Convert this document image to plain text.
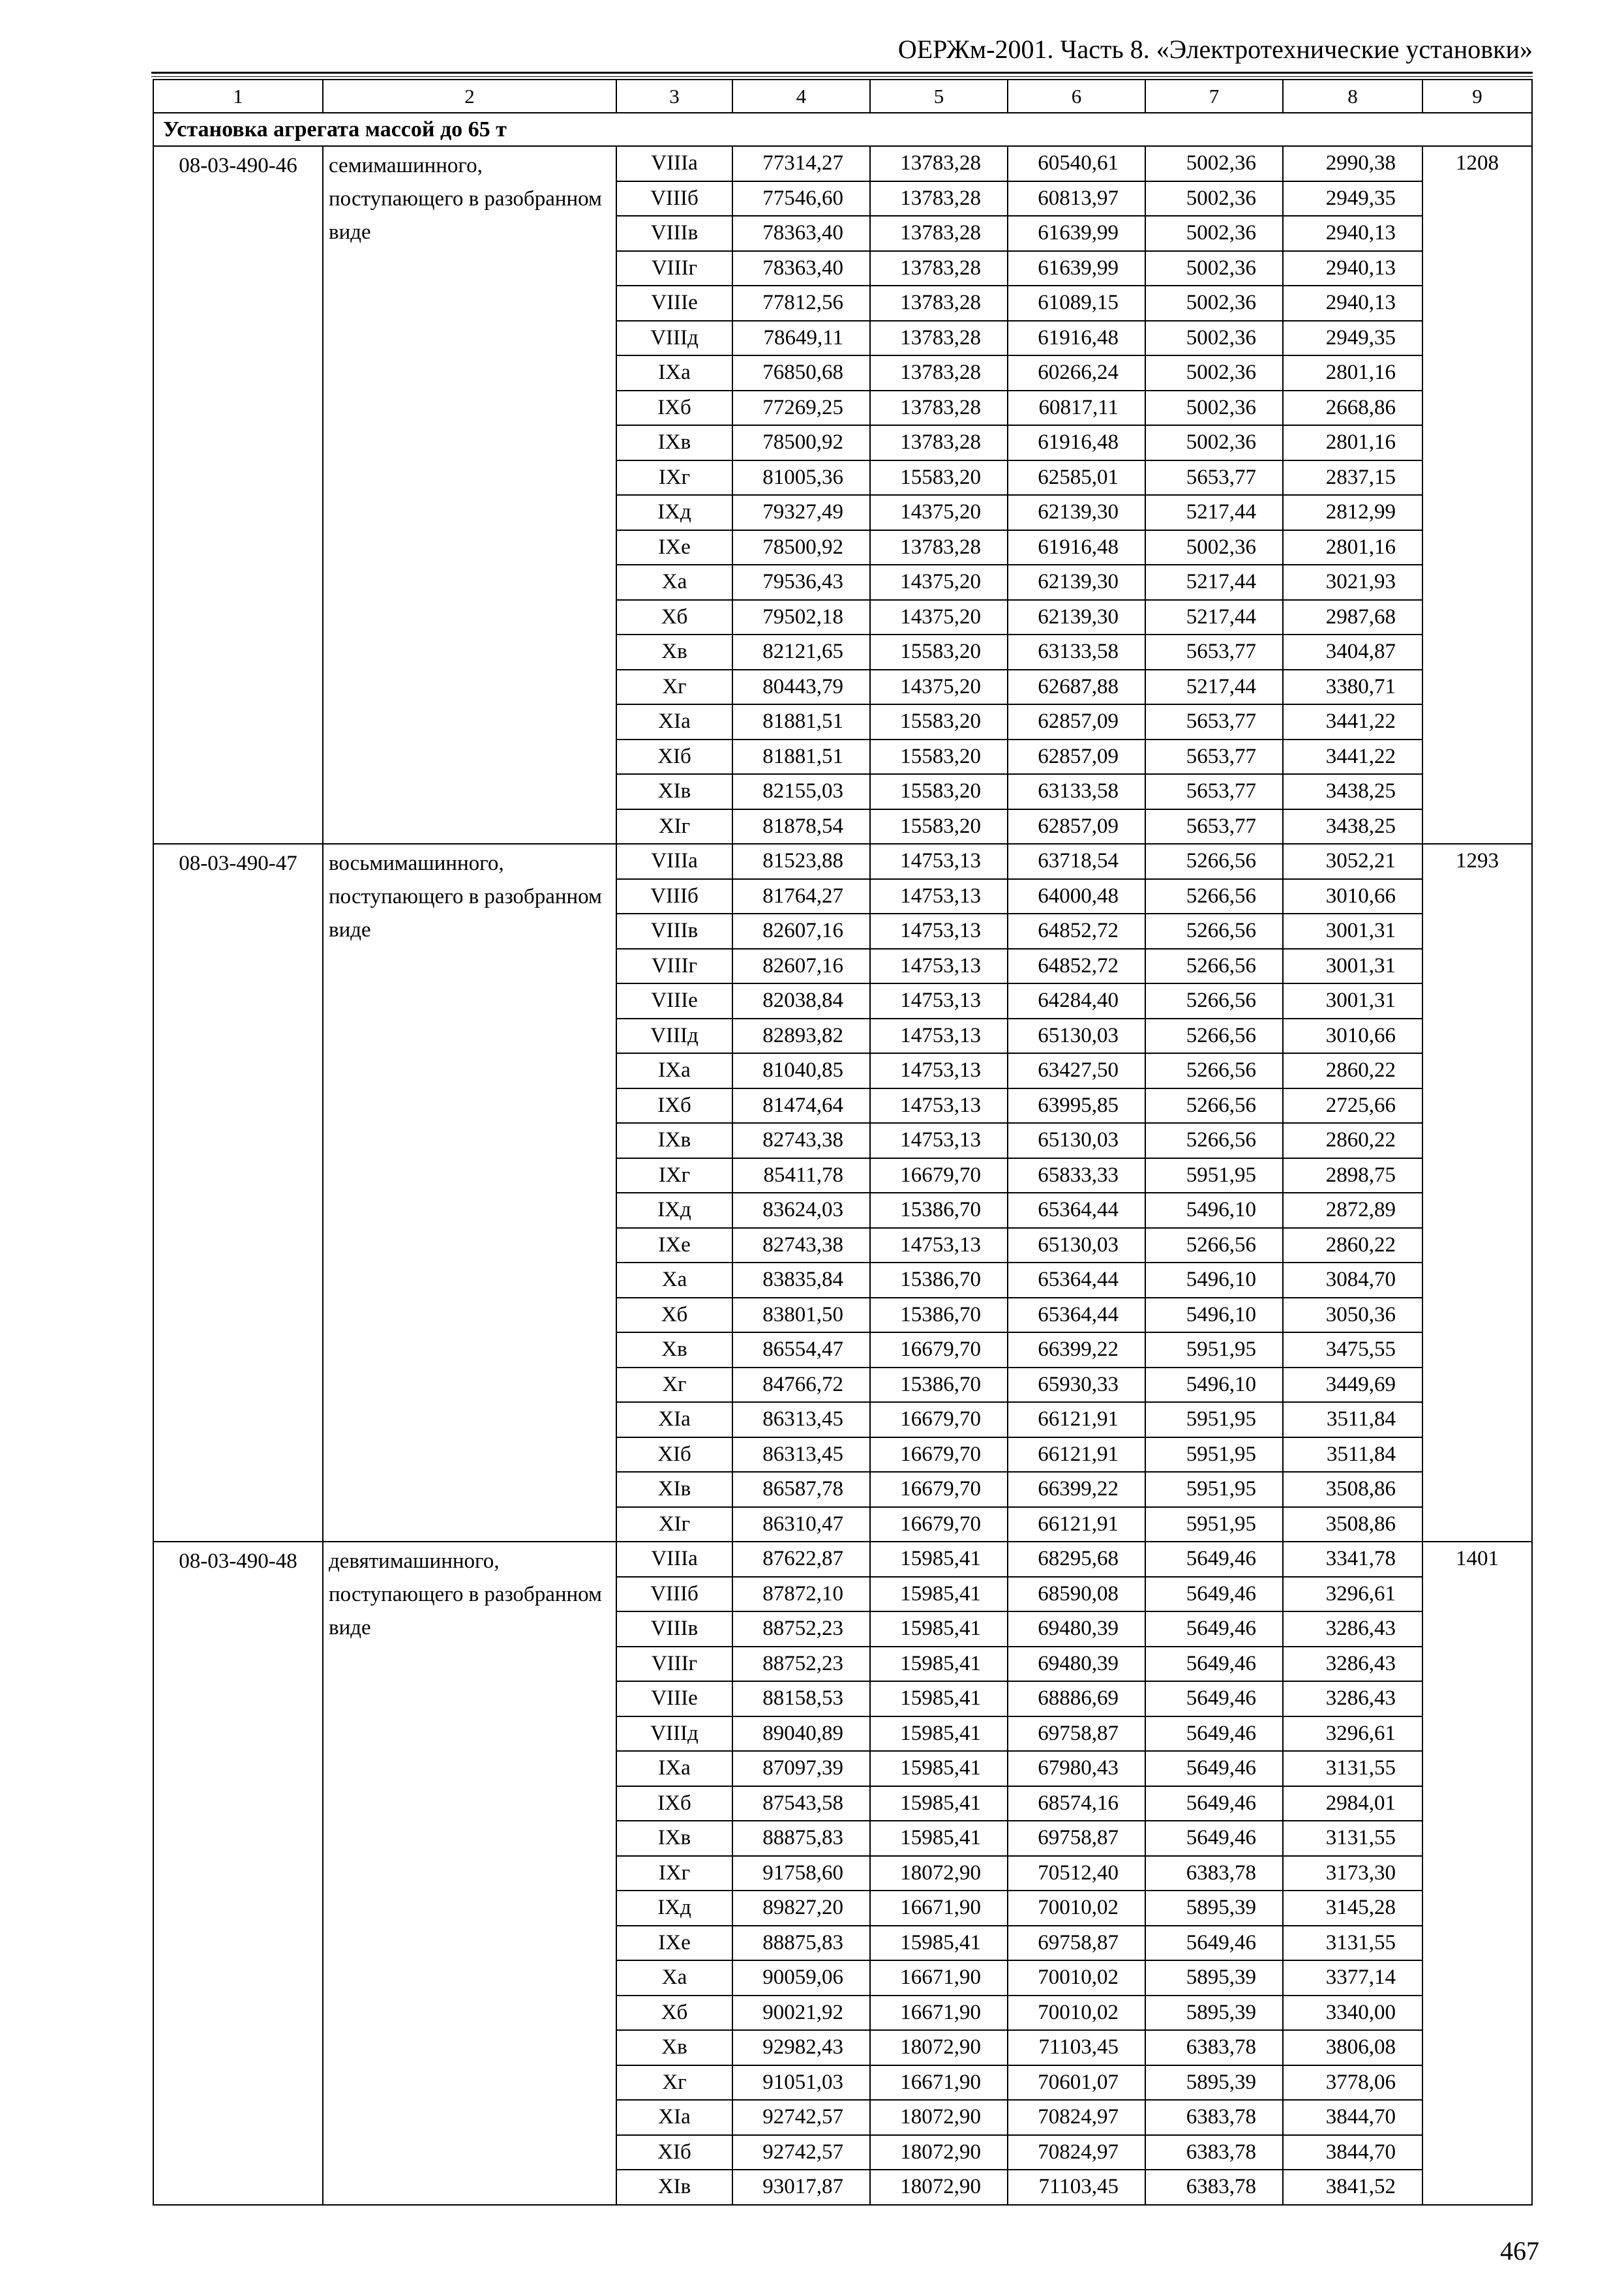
ОЕРЖм-2001. Часть 8. «Электротехнические установки»
1	2	3	4	5	6	7	8	9
Установка агрегата массой до 65 т								
08-03-490-46	семимашинного, поступающего в разобранном виде	VIIIа	77314,27	13783,28	60540,61	5002,36	2990,38	1208
		VIIIб	77546,60	13783,28	60813,97	5002,36	2949,35	
		VIIIв	78363,40	13783,28	61639,99	5002,36	2940,13	
		VIIIг	78363,40	13783,28	61639,99	5002,36	2940,13	
		VIIIе	77812,56	13783,28	61089,15	5002,36	2940,13	
		VIIIд	78649,11	13783,28	61916,48	5002,36	2949,35	
		IXа	76850,68	13783,28	60266,24	5002,36	2801,16	
		IXб	77269,25	13783,28	60817,11	5002,36	2668,86	
		IXв	78500,92	13783,28	61916,48	5002,36	2801,16	
		IXг	81005,36	15583,20	62585,01	5653,77	2837,15	
		IXд	79327,49	14375,20	62139,30	5217,44	2812,99	
		IXе	78500,92	13783,28	61916,48	5002,36	2801,16	
		Xа	79536,43	14375,20	62139,30	5217,44	3021,93	
		Xб	79502,18	14375,20	62139,30	5217,44	2987,68	
		Xв	82121,65	15583,20	63133,58	5653,77	3404,87	
		Xг	80443,79	14375,20	62687,88	5217,44	3380,71	
		XIа	81881,51	15583,20	62857,09	5653,77	3441,22	
		XIб	81881,51	15583,20	62857,09	5653,77	3441,22	
		XIв	82155,03	15583,20	63133,58	5653,77	3438,25	
		XIг	81878,54	15583,20	62857,09	5653,77	3438,25	
08-03-490-47	восьмимашинного, поступающего в разобранном виде	VIIIа	81523,88	14753,13	63718,54	5266,56	3052,21	1293
		VIIIб	81764,27	14753,13	64000,48	5266,56	3010,66	
		VIIIв	82607,16	14753,13	64852,72	5266,56	3001,31	
		VIIIг	82607,16	14753,13	64852,72	5266,56	3001,31	
		VIIIе	82038,84	14753,13	64284,40	5266,56	3001,31	
		VIIIд	82893,82	14753,13	65130,03	5266,56	3010,66	
		IXа	81040,85	14753,13	63427,50	5266,56	2860,22	
		IXб	81474,64	14753,13	63995,85	5266,56	2725,66	
		IXв	82743,38	14753,13	65130,03	5266,56	2860,22	
		IXг	85411,78	16679,70	65833,33	5951,95	2898,75	
		IXд	83624,03	15386,70	65364,44	5496,10	2872,89	
		IXе	82743,38	14753,13	65130,03	5266,56	2860,22	
		Xа	83835,84	15386,70	65364,44	5496,10	3084,70	
		Xб	83801,50	15386,70	65364,44	5496,10	3050,36	
		Xв	86554,47	16679,70	66399,22	5951,95	3475,55	
		Xг	84766,72	15386,70	65930,33	5496,10	3449,69	
		XIа	86313,45	16679,70	66121,91	5951,95	3511,84	
		XIб	86313,45	16679,70	66121,91	5951,95	3511,84	
		XIв	86587,78	16679,70	66399,22	5951,95	3508,86	
		XIг	86310,47	16679,70	66121,91	5951,95	3508,86	
08-03-490-48	девятимашинного, поступающего в разобранном виде	VIIIа	87622,87	15985,41	68295,68	5649,46	3341,78	1401
		VIIIб	87872,10	15985,41	68590,08	5649,46	3296,61	
		VIIIв	88752,23	15985,41	69480,39	5649,46	3286,43	
		VIIIг	88752,23	15985,41	69480,39	5649,46	3286,43	
		VIIIе	88158,53	15985,41	68886,69	5649,46	3286,43	
		VIIIд	89040,89	15985,41	69758,87	5649,46	3296,61	
		IXа	87097,39	15985,41	67980,43	5649,46	3131,55	
		IXб	87543,58	15985,41	68574,16	5649,46	2984,01	
		IXв	88875,83	15985,41	69758,87	5649,46	3131,55	
		IXг	91758,60	18072,90	70512,40	6383,78	3173,30	
		IXд	89827,20	16671,90	70010,02	5895,39	3145,28	
		IXе	88875,83	15985,41	69758,87	5649,46	3131,55	
		Xа	90059,06	16671,90	70010,02	5895,39	3377,14	
		Xб	90021,92	16671,90	70010,02	5895,39	3340,00	
		Xв	92982,43	18072,90	71103,45	6383,78	3806,08	
		Xг	91051,03	16671,90	70601,07	5895,39	3778,06	
		XIа	92742,57	18072,90	70824,97	6383,78	3844,70	
		XIб	92742,57	18072,90	70824,97	6383,78	3844,70	
		XIв	93017,87	18072,90	71103,45	6383,78	3841,52	
467
